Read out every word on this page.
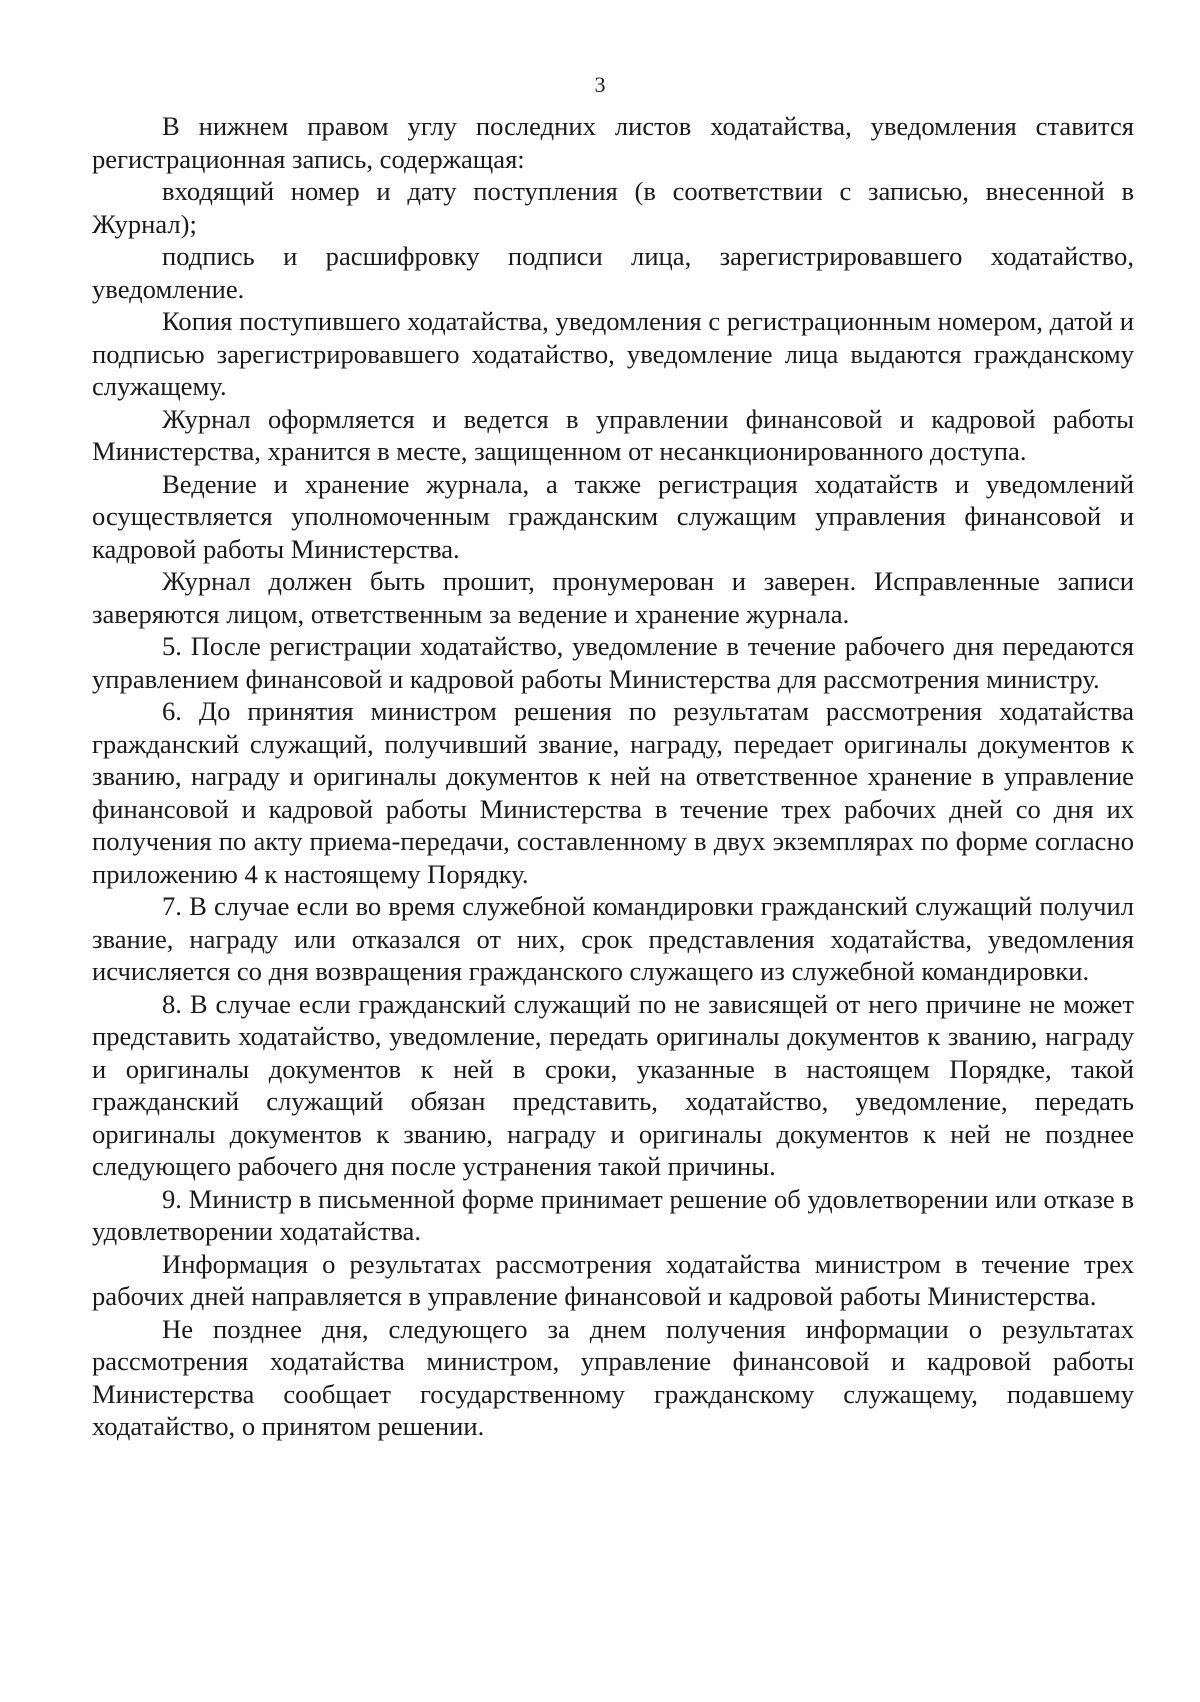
3

В нижнем правом углу последних листов ходатайства, уведомления ставится регистрационная запись, содержащая:

входящий номер и дату поступления (в соответствии с записью, внесенной в Журнал);

подпись и расшифровку подписи лица, зарегистрировавшего ходатайство, уведомление.

Копия поступившего ходатайства, уведомления с регистрационным номером, датой и подписью зарегистрировавшего ходатайство, уведомление лица выдаются гражданскому служащему.

Журнал оформляется и ведется в управлении финансовой и кадровой работы Министерства, хранится в месте, защищенном от несанкционированного доступа.

Ведение и хранение журнала, а также регистрация ходатайств и уведомлений осуществляется уполномоченным гражданским служащим управления финансовой и кадровой работы Министерства.

Журнал должен быть прошит, пронумерован и заверен. Исправленные записи заверяются лицом, ответственным за ведение и хранение журнала.

5. После регистрации ходатайство, уведомление в течение рабочего дня передаются управлением финансовой и кадровой работы Министерства для рассмотрения министру.

6. До принятия министром решения по результатам рассмотрения ходатайства гражданский служащий, получивший звание, награду, передает оригиналы документов к званию, награду и оригиналы документов к ней на ответственное хранение в управление финансовой и кадровой работы Министерства в течение трех рабочих дней со дня их получения по акту приема-передачи, составленному в двух экземплярах по форме согласно приложению 4 к настоящему Порядку.

7. В случае если во время служебной командировки гражданский служащий получил звание, награду или отказался от них, срок представления ходатайства, уведомления исчисляется со дня возвращения гражданского служащего из служебной командировки.

8. В случае если гражданский служащий по не зависящей от него причине не может представить ходатайство, уведомление, передать оригиналы документов к званию, награду и оригиналы документов к ней в сроки, указанные в настоящем Порядке, такой гражданский служащий обязан представить, ходатайство, уведомление, передать оригиналы документов к званию, награду и оригиналы документов к ней не позднее следующего рабочего дня после устранения такой причины.

9. Министр в письменной форме принимает решение об удовлетворении или отказе в удовлетворении ходатайства.

Информация о результатах рассмотрения ходатайства министром в течение трех рабочих дней направляется в управление финансовой и кадровой работы Министерства.

Не позднее дня, следующего за днем получения информации о результатах рассмотрения ходатайства министром, управление финансовой и кадровой работы Министерства сообщает государственному гражданскому служащему, подавшему ходатайство, о принятом решении.
